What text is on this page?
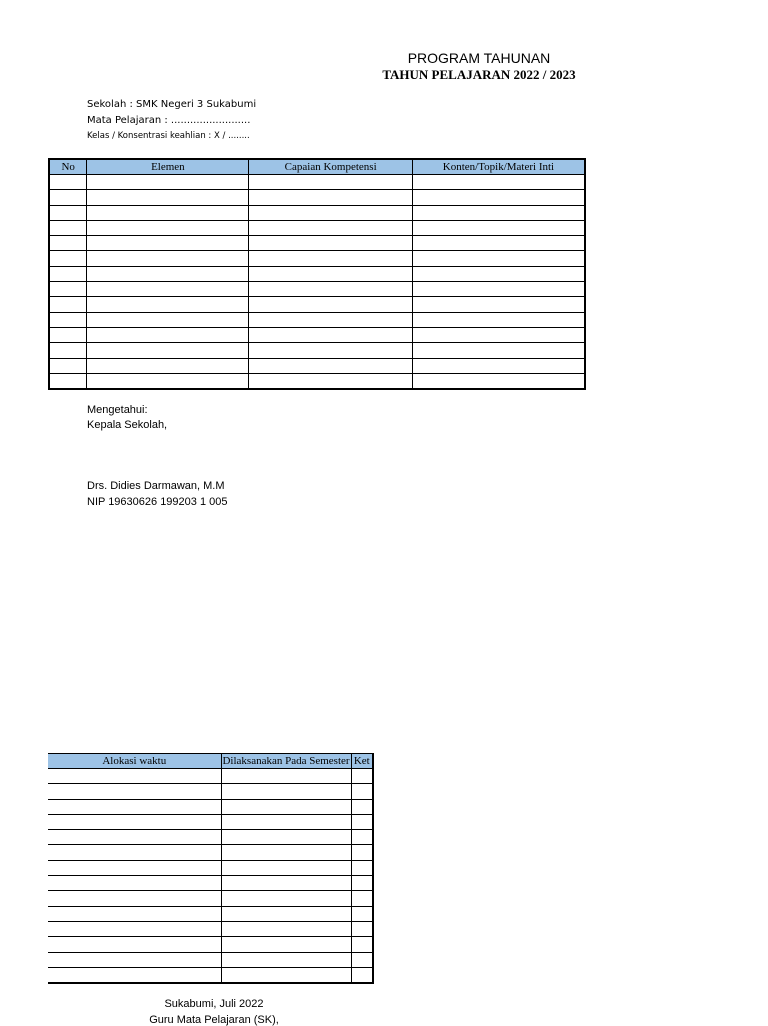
PROGRAM TAHUNAN
TAHUN PELAJARAN 2022 / 2023
Sekolah : SMK Negeri 3 Sukabumi
Mata Pelajaran : .........................
Kelas / Konsentrasi keahlian : X / ........
No	Elemen	Capaian Kompetensi	Konten/Topik/Materi Inti

Mengetahui:
Kepala Sekolah,
Drs. Didies Darmawan, M.M
NIP 19630626 199203 1 005
Alokasi waktu	Dilaksanakan Pada Semester	Ket

Sukabumi, Juli 2022
Guru Mata Pelajaran (SK),
